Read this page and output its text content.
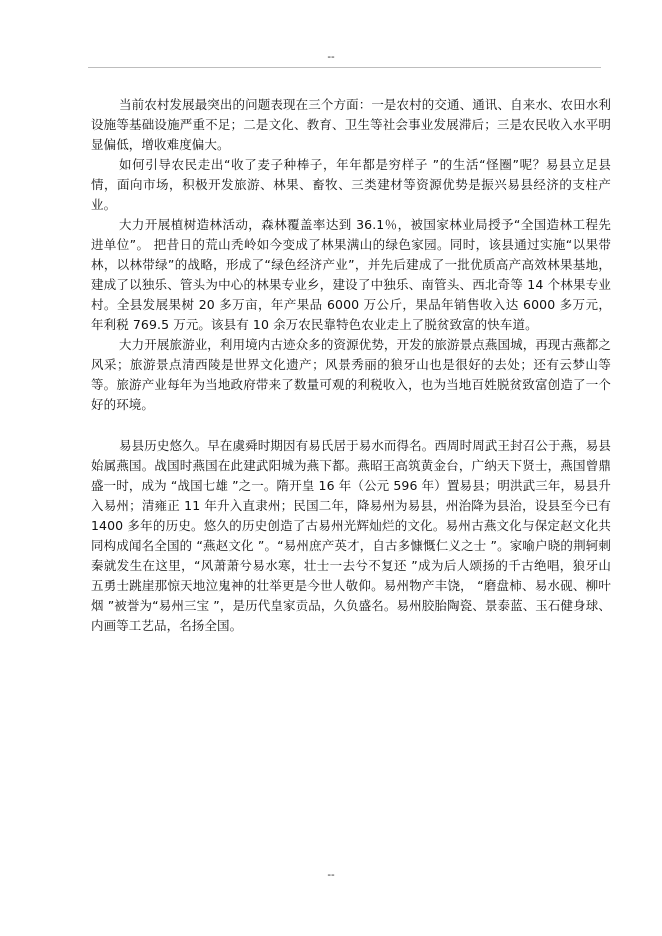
--

当前农村发展最突出的问题表现在三个方面：一是农村的交通、通讯、自来水、农田水利设施等基础设施严重不足；二是文化、教育、卫生等社会事业发展滞后；三是农民收入水平明显偏低，增收难度偏大。

如何引导农民走出“收了麦子种棒子，年年都是穷样子 ”的生活“怪圈”呢？易县立足县情，面向市场，积极开发旅游、林果、畜牧、三类建材等资源优势是振兴易县经济的支柱产业。

大力开展植树造林活动，森林覆盖率达到 36.1％，被国家林业局授予“全国造林工程先进单位”。 把昔日的荒山秃岭如今变成了林果满山的绿色家园。同时，该县通过实施“以果带林，以林带绿”的战略，形成了“绿色经济产业”，并先后建成了一批优质高产高效林果基地，建成了以独乐、管头为中心的林果专业乡，建设了中独乐、南管头、西北奇等 14 个林果专业村。全县发展果树 20 多万亩，年产果品 6000 万公斤，果品年销售收入达 6000 多万元，年利税 769.5 万元。该县有 10 余万农民靠特色农业走上了脱贫致富的快车道。

大力开展旅游业，利用境内古迹众多的资源优势，开发的旅游景点燕国城，再现古燕都之风采；旅游景点清西陵是世界文化遗产；风景秀丽的狼牙山也是很好的去处；还有云梦山等等。旅游产业每年为当地政府带来了数量可观的利税收入，也为当地百姓脱贫致富创造了一个好的环境。

易县历史悠久。早在虞舜时期因有易氏居于易水而得名。西周时周武王封召公于燕，易县始属燕国。战国时燕国在此建武阳城为燕下都。燕昭王高筑黄金台，广纳天下贤士，燕国曾鼎盛一时，成为 “战国七雄 ”之一。隋开皇 16 年（公元 596 年）置易县；明洪武三年，易县升入易州；清雍正 11 年升入直隶州；民国二年，降易州为易县，州治降为县治，设县至今已有 1400 多年的历史。悠久的历史创造了古易州光辉灿烂的文化。易州古燕文化与保定赵文化共同构成闻名全国的 “燕赵文化 ”。“易州庶产英才，自古多慷慨仁义之士 ”。家喻户晓的荆轲刺秦就发生在这里，“风萧萧兮易水寒，壮士一去兮不复还 ”成为后人颂扬的千古绝唱，狼牙山五勇士跳崖那惊天地泣鬼神的壮举更是今世人敬仰。易州物产丰饶， “磨盘柿、易水砚、柳叶烟 ”被誉为“易州三宝 ”，是历代皇家贡品，久负盛名。易州胶胎陶瓷、景泰蓝、玉石健身球、内画等工艺品，名扬全国。

--
